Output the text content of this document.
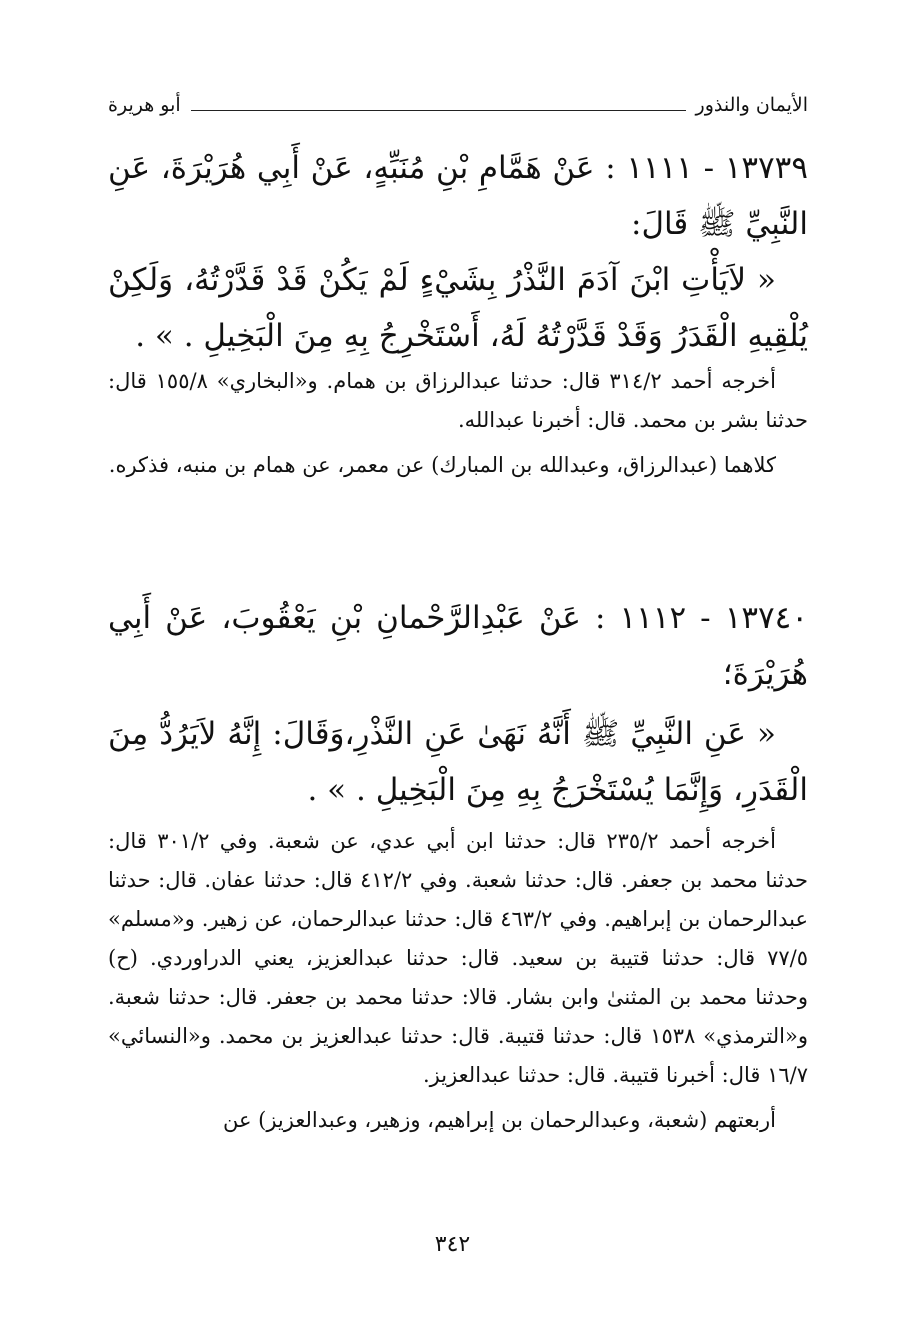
الأيمان والنذور
أبو هريرة

١٣٧٣٩ - ١١١١ : عَنْ هَمَّامِ بْنِ مُنَبِّهٍ، عَنْ أَبِي هُرَيْرَةَ، عَنِ النَّبِيِّ ﷺ قَالَ:

« لاَيَأْتِ ابْنَ آدَمَ النَّذْرُ بِشَيْءٍ لَمْ يَكُنْ قَدْ قَدَّرْتُهُ، وَلَكِنْ يُلْقِيهِ الْقَدَرُ وَقَدْ قَدَّرْتُهُ لَهُ، أَسْتَخْرِجُ بِهِ مِنَ الْبَخِيلِ . » .

أخرجه أحمد ٣١٤/٢ قال: حدثنا عبدالرزاق بن همام. و«البخاري» ١٥٥/٨ قال: حدثنا بشر بن محمد. قال: أخبرنا عبدالله.

كلاهما (عبدالرزاق، وعبدالله بن المبارك) عن معمر، عن همام بن منبه، فذكره.

١٣٧٤٠ - ١١١٢ : عَنْ عَبْدِالرَّحْمانِ بْنِ يَعْقُوبَ، عَنْ أَبِي هُرَيْرَةَ؛

« عَنِ النَّبِيِّ ﷺ أَنَّهُ نَهَىٰ عَنِ النَّذْرِ،وَقَالَ: إِنَّهُ لاَيَرُدُّ مِنَ الْقَدَرِ، وَإِنَّمَا يُسْتَخْرَجُ بِهِ مِنَ الْبَخِيلِ . » .

أخرجه أحمد ٢٣٥/٢ قال: حدثنا ابن أبي عدي، عن شعبة. وفي ٣٠١/٢ قال: حدثنا محمد بن جعفر. قال: حدثنا شعبة. وفي ٤١٢/٢ قال: حدثنا عفان. قال: حدثنا عبدالرحمان بن إبراهيم. وفي ٤٦٣/٢ قال: حدثنا عبدالرحمان، عن زهير. و«مسلم» ٧٧/٥ قال: حدثنا قتيبة بن سعيد. قال: حدثنا عبدالعزيز، يعني الدراوردي. (ح) وحدثنا محمد بن المثنىٰ وابن بشار. قالا: حدثنا محمد بن جعفر. قال: حدثنا شعبة. و«الترمذي» ١٥٣٨ قال: حدثنا قتيبة. قال: حدثنا عبدالعزيز بن محمد. و«النسائي» ١٦/٧ قال: أخبرنا قتيبة. قال: حدثنا عبدالعزيز.

أربعتهم (شعبة، وعبدالرحمان بن إبراهيم، وزهير، وعبدالعزيز) عن

٣٤٢
